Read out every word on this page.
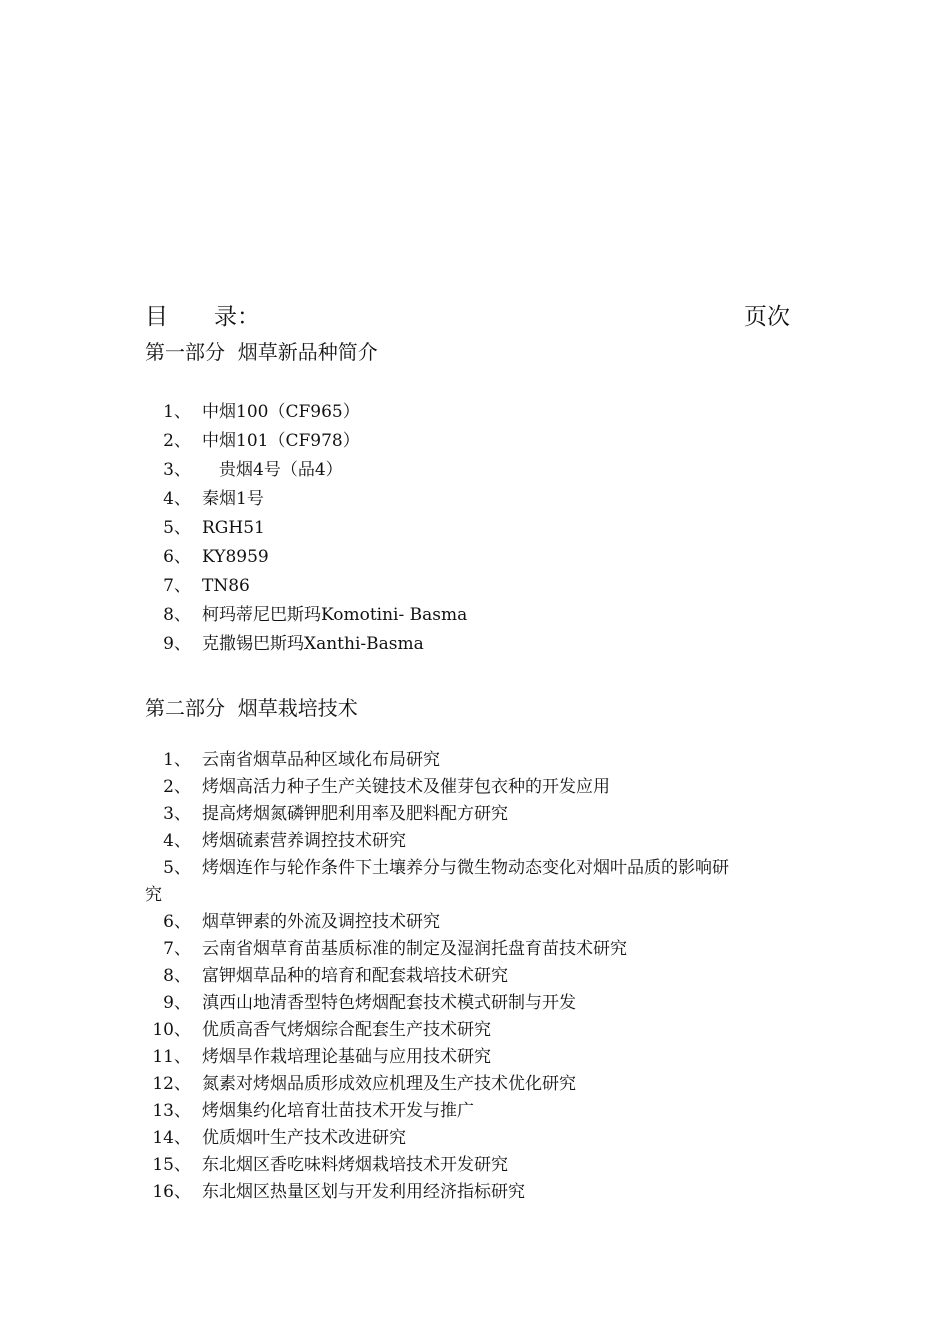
目　　录：	页次
第一部分  烟草新品种简介
1、 中烟100（CF965）
2、 中烟101（CF978）
3、 　贵烟4号（品4）
4、 秦烟1号
5、 RGH51
6、 KY8959
7、 TN86
8、 柯玛蒂尼巴斯玛Komotini- Basma
9、 克撒锡巴斯玛Xanthi-Basma
第二部分  烟草栽培技术
1、 云南省烟草品种区域化布局研究
2、 烤烟高活力种子生产关键技术及催芽包衣种的开发应用
3、 提高烤烟氮磷钾肥利用率及肥料配方研究
4、 烤烟硫素营养调控技术研究
5、 烤烟连作与轮作条件下土壤养分与微生物动态变化对烟叶品质的影响研
究
6、 烟草钾素的外流及调控技术研究
7、 云南省烟草育苗基质标准的制定及湿润托盘育苗技术研究
8、 富钾烟草品种的培育和配套栽培技术研究
9、 滇西山地清香型特色烤烟配套技术模式研制与开发
10、 优质高香气烤烟综合配套生产技术研究
11、 烤烟旱作栽培理论基础与应用技术研究
12、 氮素对烤烟品质形成效应机理及生产技术优化研究
13、 烤烟集约化培育壮苗技术开发与推广
14、 优质烟叶生产技术改进研究
15、 东北烟区香吃味料烤烟栽培技术开发研究
16、 东北烟区热量区划与开发利用经济指标研究
